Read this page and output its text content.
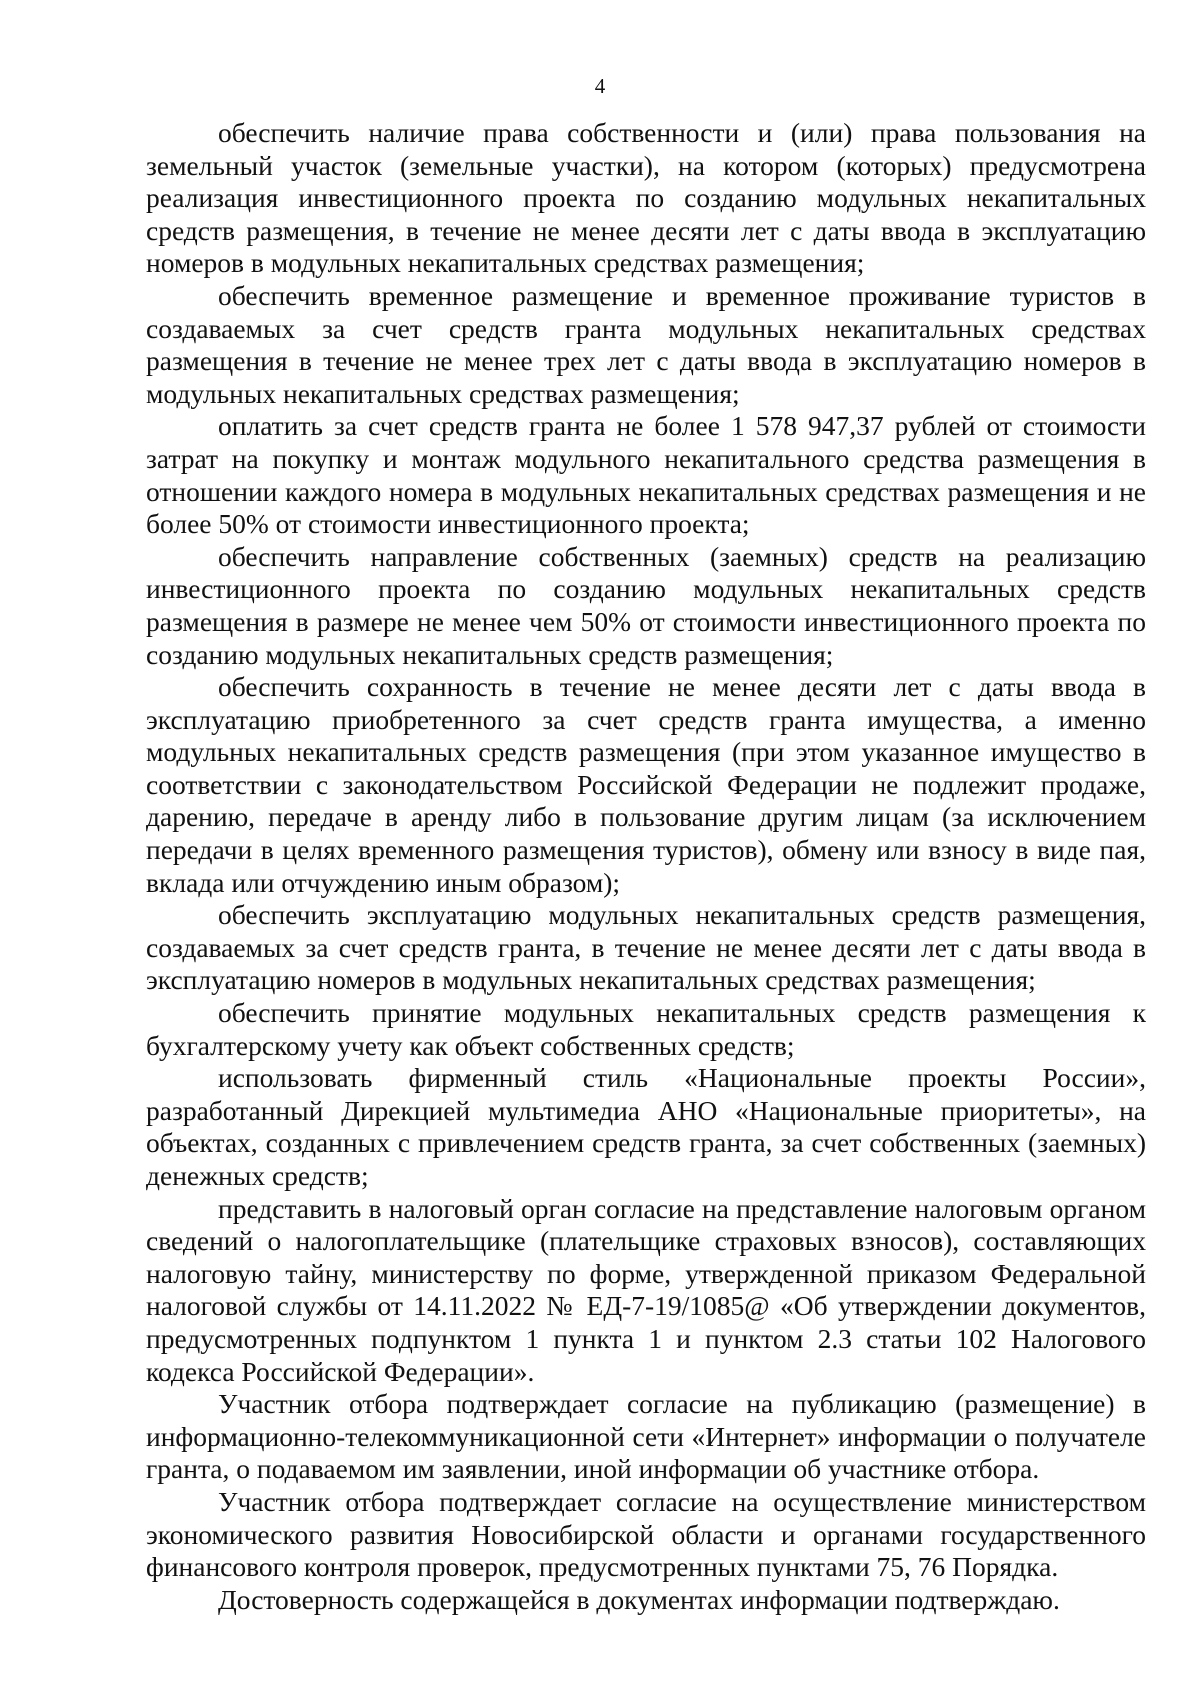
4

обеспечить наличие права собственности и (или) права пользования на земельный участок (земельные участки), на котором (которых) предусмотрена реализация инвестиционного проекта по созданию модульных некапитальных средств размещения, в течение не менее десяти лет с даты ввода в эксплуатацию номеров в модульных некапитальных средствах размещения;

обеспечить временное размещение и временное проживание туристов в создаваемых за счет средств гранта модульных некапитальных средствах размещения в течение не менее трех лет с даты ввода в эксплуатацию номеров в модульных некапитальных средствах размещения;

оплатить за счет средств гранта не более 1 578 947,37 рублей от стоимости затрат на покупку и монтаж модульного некапитального средства размещения в отношении каждого номера в модульных некапитальных средствах размещения и не более 50% от стоимости инвестиционного проекта;

обеспечить направление собственных (заемных) средств на реализацию инвестиционного проекта по созданию модульных некапитальных средств размещения в размере не менее чем 50% от стоимости инвестиционного проекта по созданию модульных некапитальных средств размещения;

обеспечить сохранность в течение не менее десяти лет с даты ввода в эксплуатацию приобретенного за счет средств гранта имущества, а именно модульных некапитальных средств размещения (при этом указанное имущество в соответствии с законодательством Российской Федерации не подлежит продаже, дарению, передаче в аренду либо в пользование другим лицам (за исключением передачи в целях временного размещения туристов), обмену или взносу в виде пая, вклада или отчуждению иным образом);

обеспечить эксплуатацию модульных некапитальных средств размещения, создаваемых за счет средств гранта, в течение не менее десяти лет с даты ввода в эксплуатацию номеров в модульных некапитальных средствах размещения;

обеспечить принятие модульных некапитальных средств размещения к бухгалтерскому учету как объект собственных средств;

использовать фирменный стиль «Национальные проекты России», разработанный Дирекцией мультимедиа АНО «Национальные приоритеты», на объектах, созданных с привлечением средств гранта, за счет собственных (заемных) денежных средств;

представить в налоговый орган согласие на представление налоговым органом сведений о налогоплательщике (плательщике страховых взносов), составляющих налоговую тайну, министерству по форме, утвержденной приказом Федеральной налоговой службы от 14.11.2022 № ЕД-7-19/1085@ «Об утверждении документов, предусмотренных подпунктом 1 пункта 1 и пунктом 2.3 статьи 102 Налогового кодекса Российской Федерации».

Участник отбора подтверждает согласие на публикацию (размещение) в информационно-телекоммуникационной сети «Интернет» информации о получателе гранта, о подаваемом им заявлении, иной информации об участнике отбора.

Участник отбора подтверждает согласие на осуществление министерством экономического развития Новосибирской области и органами государственного финансового контроля проверок, предусмотренных пунктами 75, 76 Порядка.

Достоверность содержащейся в документах информации подтверждаю.
